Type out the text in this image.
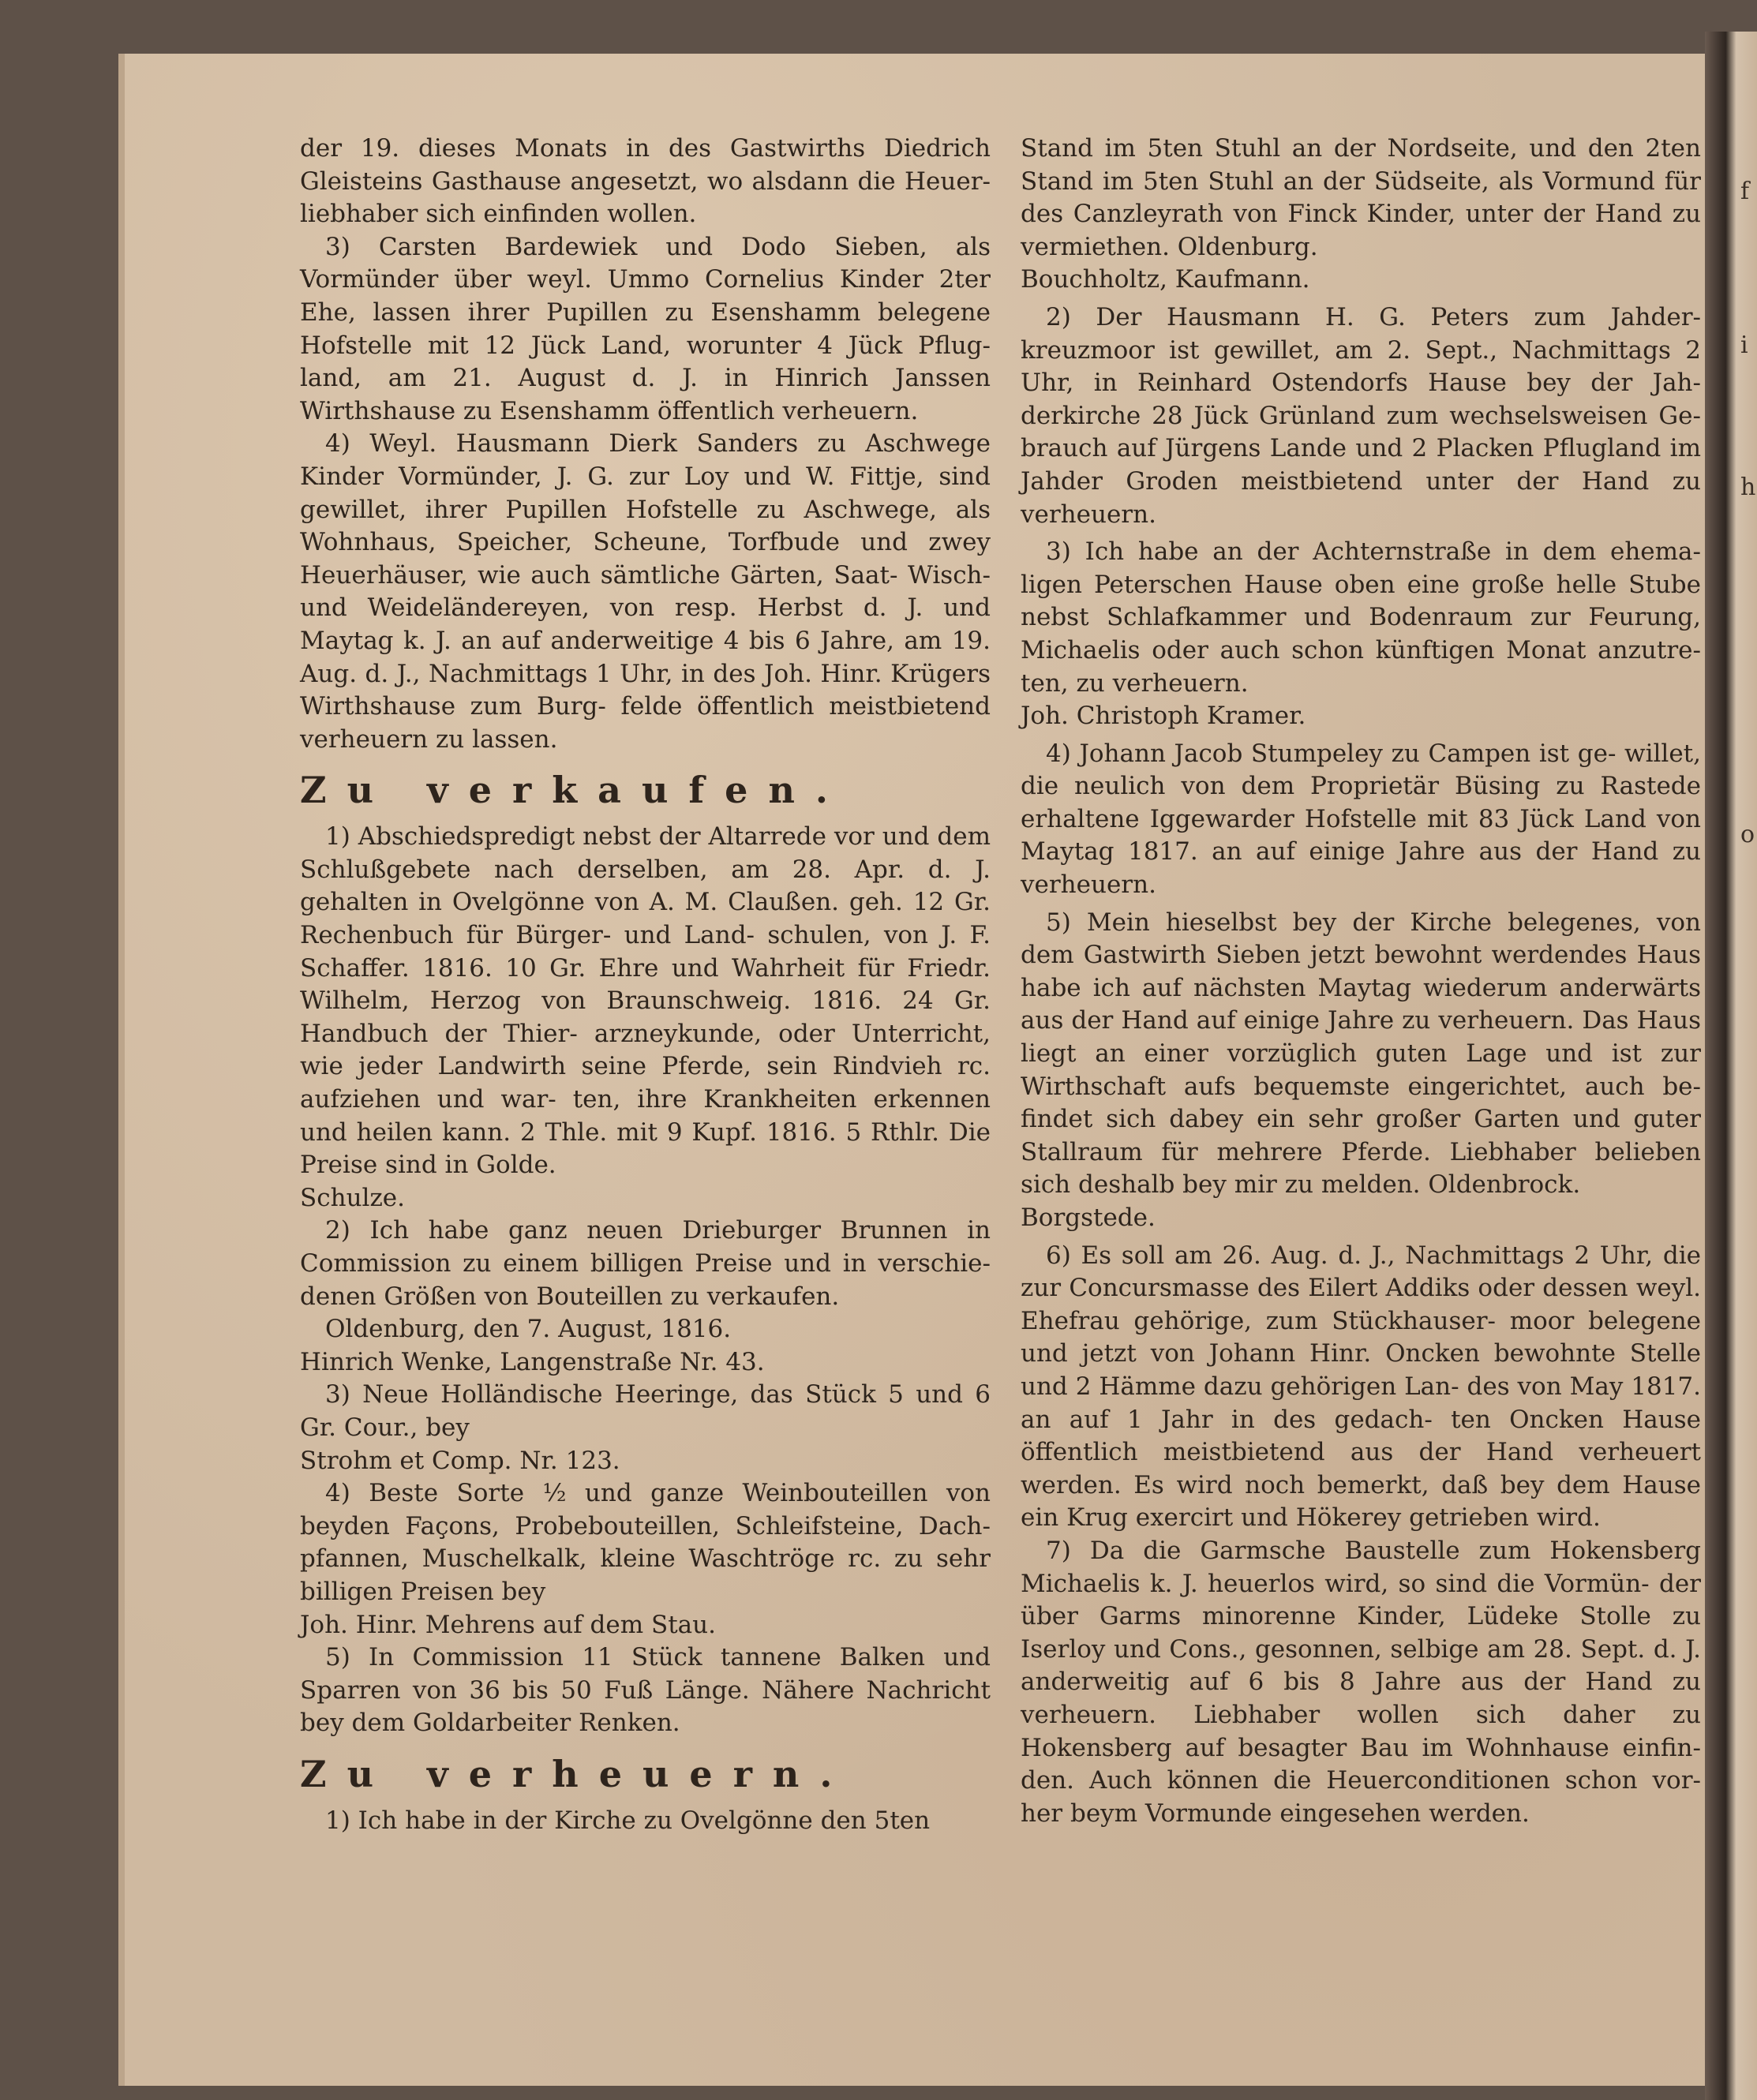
f
i
h
o

der 19. dieses Monats in des Gastwirths Diedrich Gleisteins Gasthause angesetzt, wo alsdann die Heuer- liebhaber sich einfinden wollen.

3) Carsten Bardewiek und Dodo Sieben, als Vormünder über weyl. Ummo Cornelius Kinder 2ter Ehe, lassen ihrer Pupillen zu Esenshamm belegene Hofstelle mit 12 Jück Land, worunter 4 Jück Pflug- land, am 21. August d. J. in Hinrich Janssen Wirthshause zu Esenshamm öffentlich verheuern.

4) Weyl. Hausmann Dierk Sanders zu Aschwege Kinder Vormünder, J. G. zur Loy und W. Fittje, sind gewillet, ihrer Pupillen Hofstelle zu Aschwege, als Wohnhaus, Speicher, Scheune, Torfbude und zwey Heuerhäuser, wie auch sämtliche Gärten, Saat- Wisch- und Weideländereyen, von resp. Herbst d. J. und Maytag k. J. an auf anderweitige 4 bis 6 Jahre, am 19. Aug. d. J., Nachmittags 1 Uhr, in des Joh. Hinr. Krügers Wirthshause zum Burg- felde öffentlich meistbietend verheuern zu lassen.

Zu verkaufen.

1) Abschiedspredigt nebst der Altarrede vor und dem Schlußgebete nach derselben, am 28. Apr. d. J. gehalten in Ovelgönne von A. M. Claußen. geh. 12 Gr. Rechenbuch für Bürger- und Land- schulen, von J. F. Schaffer. 1816. 10 Gr. Ehre und Wahrheit für Friedr. Wilhelm, Herzog von Braunschweig. 1816. 24 Gr. Handbuch der Thier- arzneykunde, oder Unterricht, wie jeder Landwirth seine Pferde, sein Rindvieh rc. aufziehen und war- ten, ihre Krankheiten erkennen und heilen kann. 2 Thle. mit 9 Kupf. 1816. 5 Rthlr. Die Preise sind in Golde.

Schulze.

2) Ich habe ganz neuen Drieburger Brunnen in Commission zu einem billigen Preise und in verschie- denen Größen von Bouteillen zu verkaufen.

Oldenburg, den 7. August, 1816.

Hinrich Wenke, Langenstraße Nr. 43.

3) Neue Holländische Heeringe, das Stück 5 und 6 Gr. Cour., bey

Strohm et Comp. Nr. 123.

4) Beste Sorte ½ und ganze Weinbouteillen von beyden Façons, Probebouteillen, Schleifsteine, Dach- pfannen, Muschelkalk, kleine Waschtröge rc. zu sehr billigen Preisen bey

Joh. Hinr. Mehrens auf dem Stau.

5) In Commission 11 Stück tannene Balken und Sparren von 36 bis 50 Fuß Länge. Nähere Nachricht bey dem Goldarbeiter Renken.

Zu verheuern.

1) Ich habe in der Kirche zu Ovelgönne den 5ten

Stand im 5ten Stuhl an der Nordseite, und den 2ten Stand im 5ten Stuhl an der Südseite, als Vormund für des Canzleyrath von Finck Kinder, unter der Hand zu vermiethen. Oldenburg.

Bouchholtz, Kaufmann.

2) Der Hausmann H. G. Peters zum Jahder- kreuzmoor ist gewillet, am 2. Sept., Nachmittags 2 Uhr, in Reinhard Ostendorfs Hause bey der Jah- derkirche 28 Jück Grünland zum wechselsweisen Ge- brauch auf Jürgens Lande und 2 Placken Pflugland im Jahder Groden meistbietend unter der Hand zu verheuern.

3) Ich habe an der Achternstraße in dem ehema- ligen Peterschen Hause oben eine große helle Stube nebst Schlafkammer und Bodenraum zur Feurung, Michaelis oder auch schon künftigen Monat anzutre- ten, zu verheuern.

Joh. Christoph Kramer.

4) Johann Jacob Stumpeley zu Campen ist ge- willet, die neulich von dem Proprietär Büsing zu Rastede erhaltene Iggewarder Hofstelle mit 83 Jück Land von Maytag 1817. an auf einige Jahre aus der Hand zu verheuern.

5) Mein hieselbst bey der Kirche belegenes, von dem Gastwirth Sieben jetzt bewohnt werdendes Haus habe ich auf nächsten Maytag wiederum anderwärts aus der Hand auf einige Jahre zu verheuern. Das Haus liegt an einer vorzüglich guten Lage und ist zur Wirthschaft aufs bequemste eingerichtet, auch be- findet sich dabey ein sehr großer Garten und guter Stallraum für mehrere Pferde. Liebhaber belieben sich deshalb bey mir zu melden. Oldenbrock.

Borgstede.

6) Es soll am 26. Aug. d. J., Nachmittags 2 Uhr, die zur Concursmasse des Eilert Addiks oder dessen weyl. Ehefrau gehörige, zum Stückhauser- moor belegene und jetzt von Johann Hinr. Oncken bewohnte Stelle und 2 Hämme dazu gehörigen Lan- des von May 1817. an auf 1 Jahr in des gedach- ten Oncken Hause öffentlich meistbietend aus der Hand verheuert werden. Es wird noch bemerkt, daß bey dem Hause ein Krug exercirt und Hökerey getrieben wird.

7) Da die Garmsche Baustelle zum Hokensberg Michaelis k. J. heuerlos wird, so sind die Vormün- der über Garms minorenne Kinder, Lüdeke Stolle zu Iserloy und Cons., gesonnen, selbige am 28. Sept. d. J. anderweitig auf 6 bis 8 Jahre aus der Hand zu verheuern. Liebhaber wollen sich daher zu Hokensberg auf besagter Bau im Wohnhause einfin- den. Auch können die Heuerconditionen schon vor- her beym Vormunde eingesehen werden.
